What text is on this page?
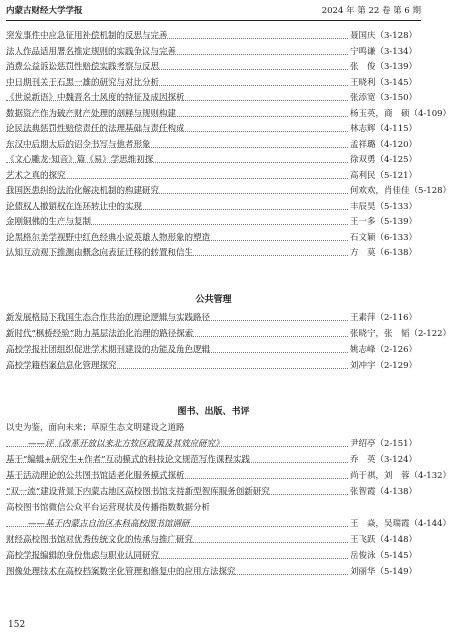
内蒙古财经大学学报	2024 年 第 22 卷 第 6 期
突发事件中应急征用补偿机制的反思与完善	聂国庆（3-128）
法人作品适用署名推定规则的实践争议与完善	宁鸣谦（3-134）
消费公益诉讼惩罚性赔偿实践考察与反思	张　俊（3-139）
中日期刊关于石黑一雄的研究与对比分析	王晓利（3-145）
《世说新语》中魏晋名士风度的特征及成因探析	张添宽（3-150）
数据资产作为破产财产处理的剖释与规则构建	杨玉英，商　硕（4-109）
论民法典惩罚性赔偿责任的法理基础与责任构成	林志辉（4-115）
东汉中后期大后的诏令书写与他者形象	孟祥璐（4-120）
《文心雕龙·知音》篇《易》学思维初探	徐双勇（4-125）
艺术之真的探究	高利民（5-121）
我国医患纠纷法治化解决机制的构建研究	何欢欢，肖佳佳（5-128）
论债权人撤销权在连环转让中的实现	丰辰昊（5-133）
金刚铜佛的生产与复制	王一多（5-139）
论黑格尔美学视野中红色经典小说英雄人物形象的塑造	石文颖（6-133）
认知互动观下推测由概念向表征迁移的转置和信生	方　莫（6-138）
公共管理
新发展格局下我国生态合作共治的理论逻辑与实践路径	王素萍（2-116）
新时代“枫桥经验”助力基层法治化治理的路径探索	张晓宁，张　韬（2-122）
高校学报社团组织促进学术期刊建设的功能及角色逻辑	姚志峰（2-126）
高校学籍档案信息化管理探究	刘冲宇（2-129）
图书、出版、书评
以史为鉴，面向未来；草原生态文明建设之道路
——评《改革开放以来北方牧区政策及其效应研究》	尹绍亭（2-151）
基于“编辑+研究生+作者”互动模式的科技论文规范写作课程实践	乔　英（3-124）
基于活动理论的公共图书馆适老化服务模式探析	尚于祺，刘　蓉（4-132）
“双一流”建设背景下内蒙古地区高校图书馆支持新型智库服务创新研究	张智霞（4-138）
高校图书馆微信公众平台运营现状及传播指数数据分析
——基于内蒙古自治区本科高校图书馆调研	王　焱，吴瑞霞（4-144）
财经高校图书馆对优秀传统文化的传承与推广研究	王飞跃（4-148）
高校学报编辑的身份焦虑与职业认同研究	岳俊泳（5-145）
图像处理技术在高校档案数字化管理和修复中的应用方法探究	刘丽华（5-149）
152
